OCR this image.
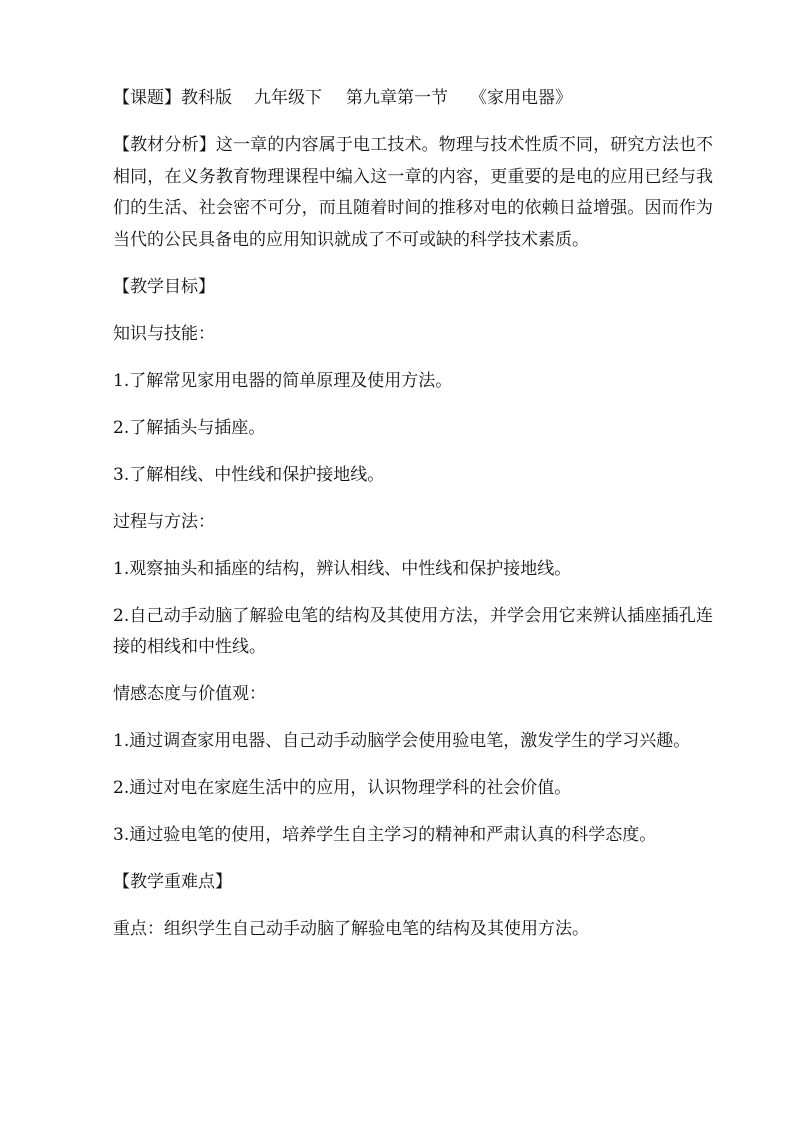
【课题】教科版 九年级下 第九章第一节 《家用电器》

【教材分析】这一章的内容属于电工技术。物理与技术性质不同，研究方法也不相同，在义务教育物理课程中编入这一章的内容，更重要的是电的应用已经与我们的生活、社会密不可分，而且随着时间的推移对电的依赖日益增强。因而作为当代的公民具备电的应用知识就成了不可或缺的科学技术素质。

【教学目标】

知识与技能：

1.了解常见家用电器的简单原理及使用方法。

2.了解插头与插座。

3.了解相线、中性线和保护接地线。

过程与方法：

1.观察抽头和插座的结构，辨认相线、中性线和保护接地线。

2.自己动手动脑了解验电笔的结构及其使用方法，并学会用它来辨认插座插孔连接的相线和中性线。

情感态度与价值观：

1.通过调查家用电器、自己动手动脑学会使用验电笔，激发学生的学习兴趣。

2.通过对电在家庭生活中的应用，认识物理学科的社会价值。

3.通过验电笔的使用，培养学生自主学习的精神和严肃认真的科学态度。

【教学重难点】

重点：组织学生自己动手动脑了解验电笔的结构及其使用方法。
